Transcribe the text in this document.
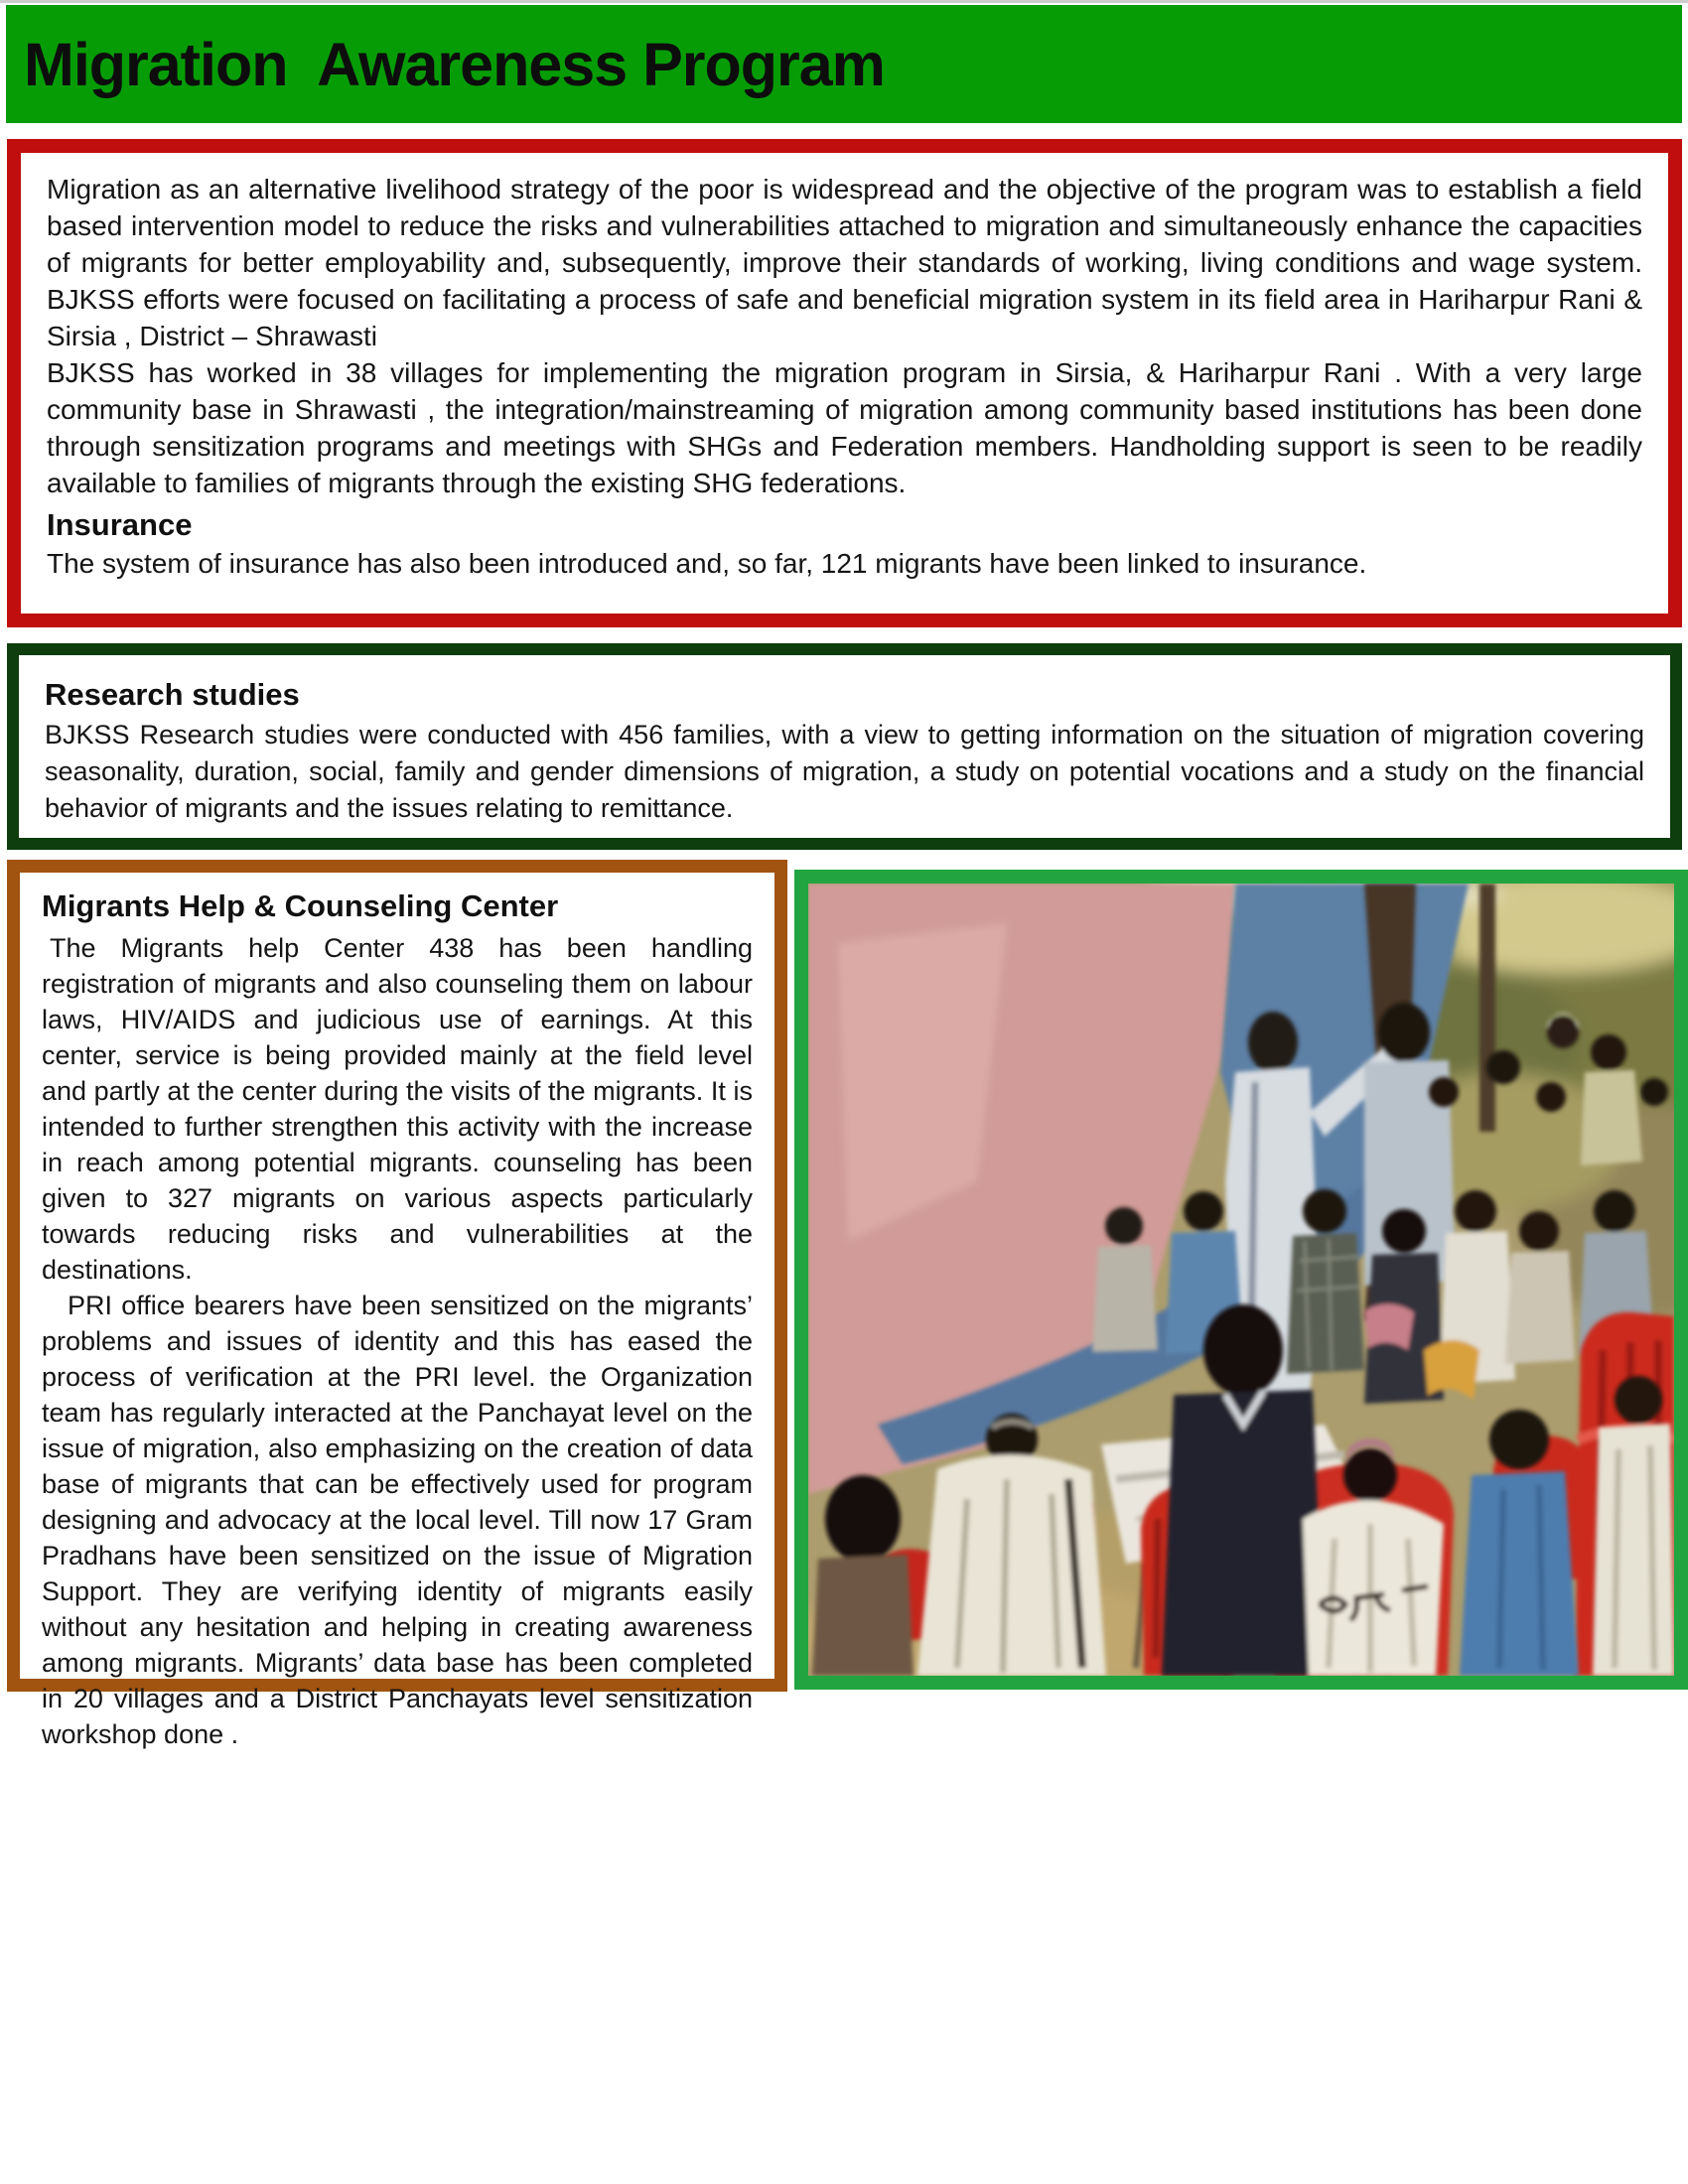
Migration  Awareness Program

Migration as an alternative livelihood strategy of the poor is widespread and the objective of the program was to establish a field based intervention model to reduce the risks and vulnerabilities attached to migration and simultaneously enhance the capacities of migrants for better employability and, subsequently, improve their standards of working, living conditions and wage system. BJKSS efforts were focused on facilitating a process of safe and beneficial migration system in its field area in Hariharpur Rani & Sirsia , District – Shrawasti

BJKSS has worked in 38 villages for implementing the migration program in Sirsia, & Hariharpur Rani . With a very large community base in Shrawasti , the integration/mainstreaming of migration among community based institutions has been done through sensitization programs and meetings with SHGs and Federation members. Handholding support is seen to be readily available to families of migrants through the existing SHG federations.

Insurance

The system of insurance has also been introduced and, so far, 121 migrants have been linked to insurance.

Research studies

BJKSS Research studies were conducted with 456 families, with a view to getting information on the situation of migration covering seasonality, duration, social, family and gender dimensions of migration, a study on potential vocations and a study on the financial behavior of migrants and the issues relating to remittance.

Migrants Help & Counseling Center

The Migrants help Center 438 has been handling registration of migrants and also counseling them on labour laws, HIV/AIDS and judicious use of earnings. At this center, service is being provided mainly at the field level and partly at the center during the visits of the migrants. It is intended to further strengthen this activity with the increase in reach among potential migrants. counseling has been given to 327 migrants on various aspects particularly towards reducing risks and vulnerabilities at the destinations.

PRI office bearers have been sensitized on the migrants’ problems and issues of identity and this has eased the process of verification at the PRI level. the Organization team has regularly interacted at the Panchayat level on the issue of migration, also emphasizing on the creation of data base of migrants that can be effectively used for program designing and advocacy at the local level. Till now 17 Gram Pradhans have been sensitized on the issue of Migration Support. They are verifying identity of migrants easily without any hesitation and helping in creating awareness among migrants. Migrants’ data base has been completed in 20 villages and a District Panchayats level sensitization workshop done .
